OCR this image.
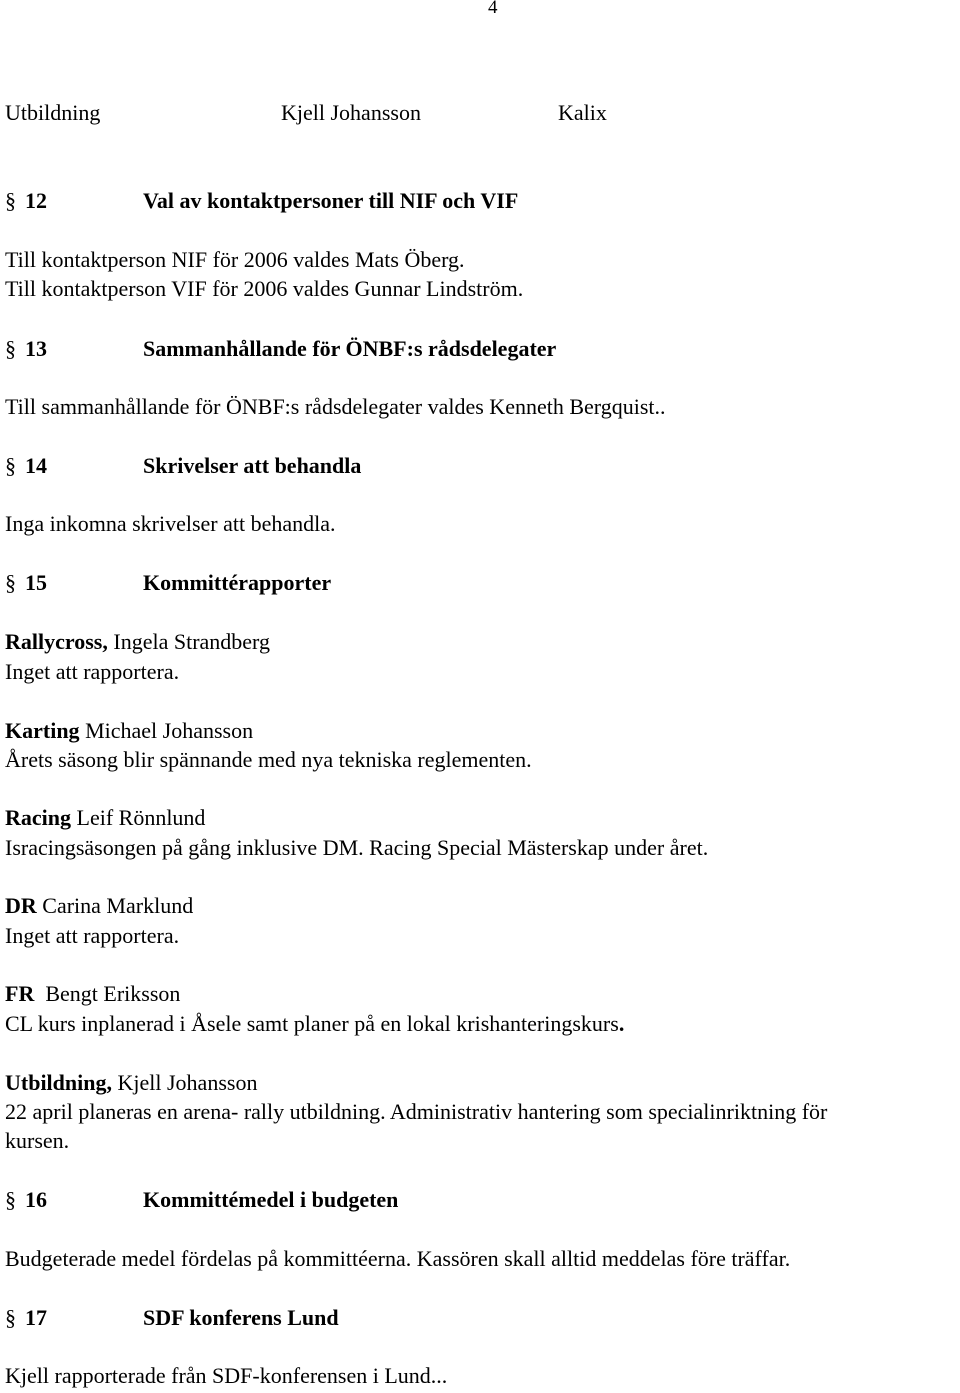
4
Utbildning	Kjell Johansson	Kalix
§ 12	Val av kontaktpersoner till NIF och VIF
Till kontaktperson NIF för 2006 valdes Mats Öberg.
Till kontaktperson VIF för 2006 valdes Gunnar Lindström.
§ 13	Sammanhållande för ÖNBF:s rådsdelegater
Till sammanhållande för ÖNBF:s rådsdelegater valdes Kenneth Bergquist..
§ 14	Skrivelser att behandla
Inga inkomna skrivelser att behandla.
§ 15	Kommittérapporter
Rallycross, Ingela Strandberg
Inget att rapportera.
Karting Michael Johansson
Årets säsong blir spännande med nya tekniska reglementen.
Racing Leif Rönnlund
Isracingsäsongen på gång inklusive DM. Racing Special Mästerskap under året.
DR Carina Marklund
Inget att rapportera.
FR  Bengt Eriksson
CL kurs inplanerad i Åsele samt planer på en lokal krishanteringskurs.
Utbildning, Kjell Johansson
22 april planeras en arena- rally utbildning. Administrativ hantering som specialinriktning för
kursen.
§ 16	Kommittémedel i budgeten
Budgeterade medel fördelas på kommittéerna. Kassören skall alltid meddelas före träffar.
§ 17	SDF konferens Lund
Kjell rapporterade från SDF-konferensen i Lund...
